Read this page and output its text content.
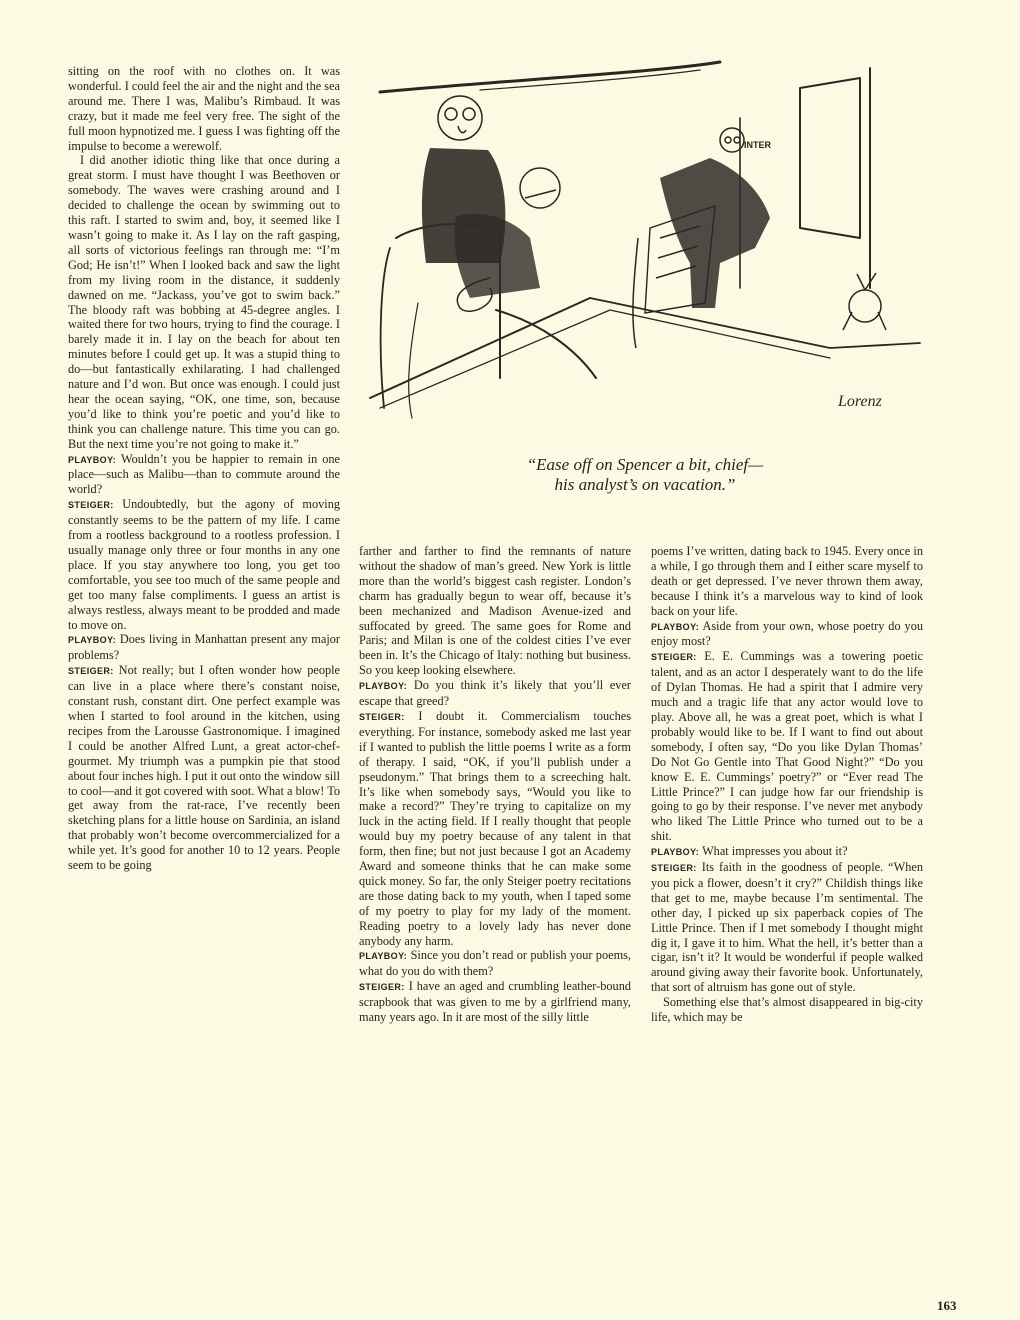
sitting on the roof with no clothes on. It was wonderful. I could feel the air and the night and the sea around me. There I was, Malibu’s Rimbaud. It was crazy, but it made me feel very free. The sight of the full moon hypnotized me. I guess I was fighting off the impulse to become a werewolf.

I did another idiotic thing like that once during a great storm. I must have thought I was Beethoven or somebody. The waves were crashing around and I decided to challenge the ocean by swimming out to this raft. I started to swim and, boy, it seemed like I wasn’t going to make it. As I lay on the raft gasping, all sorts of victorious feelings ran through me: “I’m God; He isn’t!” When I looked back and saw the light from my living room in the distance, it suddenly dawned on me. “Jackass, you’ve got to swim back.” The bloody raft was bobbing at 45-degree angles. I waited there for two hours, trying to find the courage. I barely made it in. I lay on the beach for about ten minutes before I could get up. It was a stupid thing to do—but fantastically exhilarating. I had challenged nature and I’d won. But once was enough. I could just hear the ocean saying, “OK, one time, son, because you’d like to think you’re poetic and you’d like to think you can challenge nature. This time you can go. But the next time you’re not going to make it.”

PLAYBOY: Wouldn’t you be happier to remain in one place—such as Malibu—than to commute around the world?

STEIGER: Undoubtedly, but the agony of moving constantly seems to be the pattern of my life. I came from a rootless background to a rootless profession. I usually manage only three or four months in any one place. If you stay anywhere too long, you get too comfortable, you see too much of the same people and get too many false compliments. I guess an artist is always restless, always meant to be prodded and made to move on.

PLAYBOY: Does living in Manhattan present any major problems?

STEIGER: Not really; but I often wonder how people can live in a place where there’s constant noise, constant rush, constant dirt. One perfect example was when I started to fool around in the kitchen, using recipes from the Larousse Gastronomique. I imagined I could be another Alfred Lunt, a great actor-chef-gourmet. My triumph was a pumpkin pie that stood about four inches high. I put it out onto the window sill to cool—and it got covered with soot. What a blow! To get away from the rat-race, I’ve recently been sketching plans for a little house on Sardinia, an island that probably won’t become overcommercialized for a while yet. It’s good for another 10 to 12 years. People seem to be going

INTER
Lorenz
“Ease off on Spencer a bit, chief—
his analyst’s on vacation.”

farther and farther to find the remnants of nature without the shadow of man’s greed. New York is little more than the world’s biggest cash register. London’s charm has gradually begun to wear off, because it’s been mechanized and Madison Avenue-ized and suffocated by greed. The same goes for Rome and Paris; and Milan is one of the coldest cities I’ve ever been in. It’s the Chicago of Italy: nothing but business. So you keep looking elsewhere.

PLAYBOY: Do you think it’s likely that you’ll ever escape that greed?

STEIGER: I doubt it. Commercialism touches everything. For instance, somebody asked me last year if I wanted to publish the little poems I write as a form of therapy. I said, “OK, if you’ll publish under a pseudonym.” That brings them to a screeching halt. It’s like when somebody says, “Would you like to make a record?” They’re trying to capitalize on my luck in the acting field. If I really thought that people would buy my poetry because of any talent in that form, then fine; but not just because I got an Academy Award and someone thinks that he can make some quick money. So far, the only Steiger poetry recitations are those dating back to my youth, when I taped some of my poetry to play for my lady of the moment. Reading poetry to a lovely lady has never done anybody any harm.

PLAYBOY: Since you don’t read or publish your poems, what do you do with them?

STEIGER: I have an aged and crumbling leather-bound scrapbook that was given to me by a girlfriend many, many years ago. In it are most of the silly little

poems I’ve written, dating back to 1945. Every once in a while, I go through them and I either scare myself to death or get depressed. I’ve never thrown them away, because I think it’s a marvelous way to kind of look back on your life.

PLAYBOY: Aside from your own, whose poetry do you enjoy most?

STEIGER: E. E. Cummings was a towering poetic talent, and as an actor I desperately want to do the life of Dylan Thomas. He had a spirit that I admire very much and a tragic life that any actor would love to play. Above all, he was a great poet, which is what I probably would like to be. If I want to find out about somebody, I often say, “Do you like Dylan Thomas’ Do Not Go Gentle into That Good Night?” “Do you know E. E. Cummings’ poetry?” or “Ever read The Little Prince?” I can judge how far our friendship is going to go by their response. I’ve never met anybody who liked The Little Prince who turned out to be a shit.

PLAYBOY: What impresses you about it?

STEIGER: Its faith in the goodness of people. “When you pick a flower, doesn’t it cry?” Childish things like that get to me, maybe because I’m sentimental. The other day, I picked up six paperback copies of The Little Prince. Then if I met somebody I thought might dig it, I gave it to him. What the hell, it’s better than a cigar, isn’t it? It would be wonderful if people walked around giving away their favorite book. Unfortunately, that sort of altruism has gone out of style.

Something else that’s almost disappeared in big-city life, which may be

163
